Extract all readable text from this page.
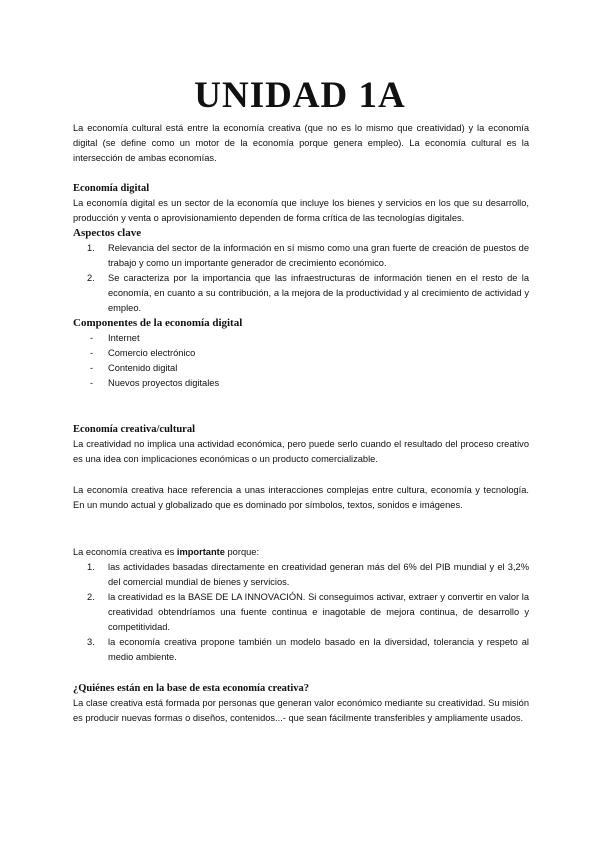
UNIDAD 1A

La economía cultural está entre la economía creativa (que no es lo mismo que creatividad) y la economía digital (se define como un motor de la economía porque genera empleo). La economía cultural es la intersección de ambas economías.

Economía digital

La economía digital es un sector de la economía que incluye los bienes y servicios en los que su desarrollo, producción y venta o aprovisionamiento dependen de forma crítica de las tecnologías digitales.

Aspectos clave

1. Relevancia del sector de la información en sí mismo como una gran fuerte de creación de puestos de trabajo y como un importante generador de crecimiento económico.
2. Se caracteriza por la importancia que las infraestructuras de información tienen en el resto de la economía, en cuanto a su contribución, a la mejora de la productividad y al crecimiento de actividad y empleo.

Componentes de la economía digital

- Internet
- Comercio electrónico
- Contenido digital
- Nuevos proyectos digitales

Economía creativa/cultural

La creatividad no implica una actividad económica, pero puede serlo cuando el resultado del proceso creativo es una idea con implicaciones económicas o un producto comercializable.

La economía creativa hace referencia a unas interacciones complejas entre cultura, economía y tecnología. En un mundo actual y globalizado que es dominado por símbolos, textos, sonidos e imágenes.

La economía creativa es importante porque:

1. las actividades basadas directamente en creatividad generan más del 6% del PIB mundial y el 3,2% del comercial mundial de bienes y servicios.
2. la creatividad es la BASE DE LA INNOVACIÓN. Si conseguimos activar, extraer y convertir en valor la creatividad obtendríamos una fuente continua e inagotable de mejora continua, de desarrollo y competitividad.
3. la economía creativa propone también un modelo basado en la diversidad, tolerancia y respeto al medio ambiente.

¿Quiénes están en la base de esta economía creativa?

La clase creativa está formada por personas que generan valor económico mediante su creatividad. Su misión es producir nuevas formas o diseños, contenidos...- que sean fácilmente transferibles y ampliamente usados.
